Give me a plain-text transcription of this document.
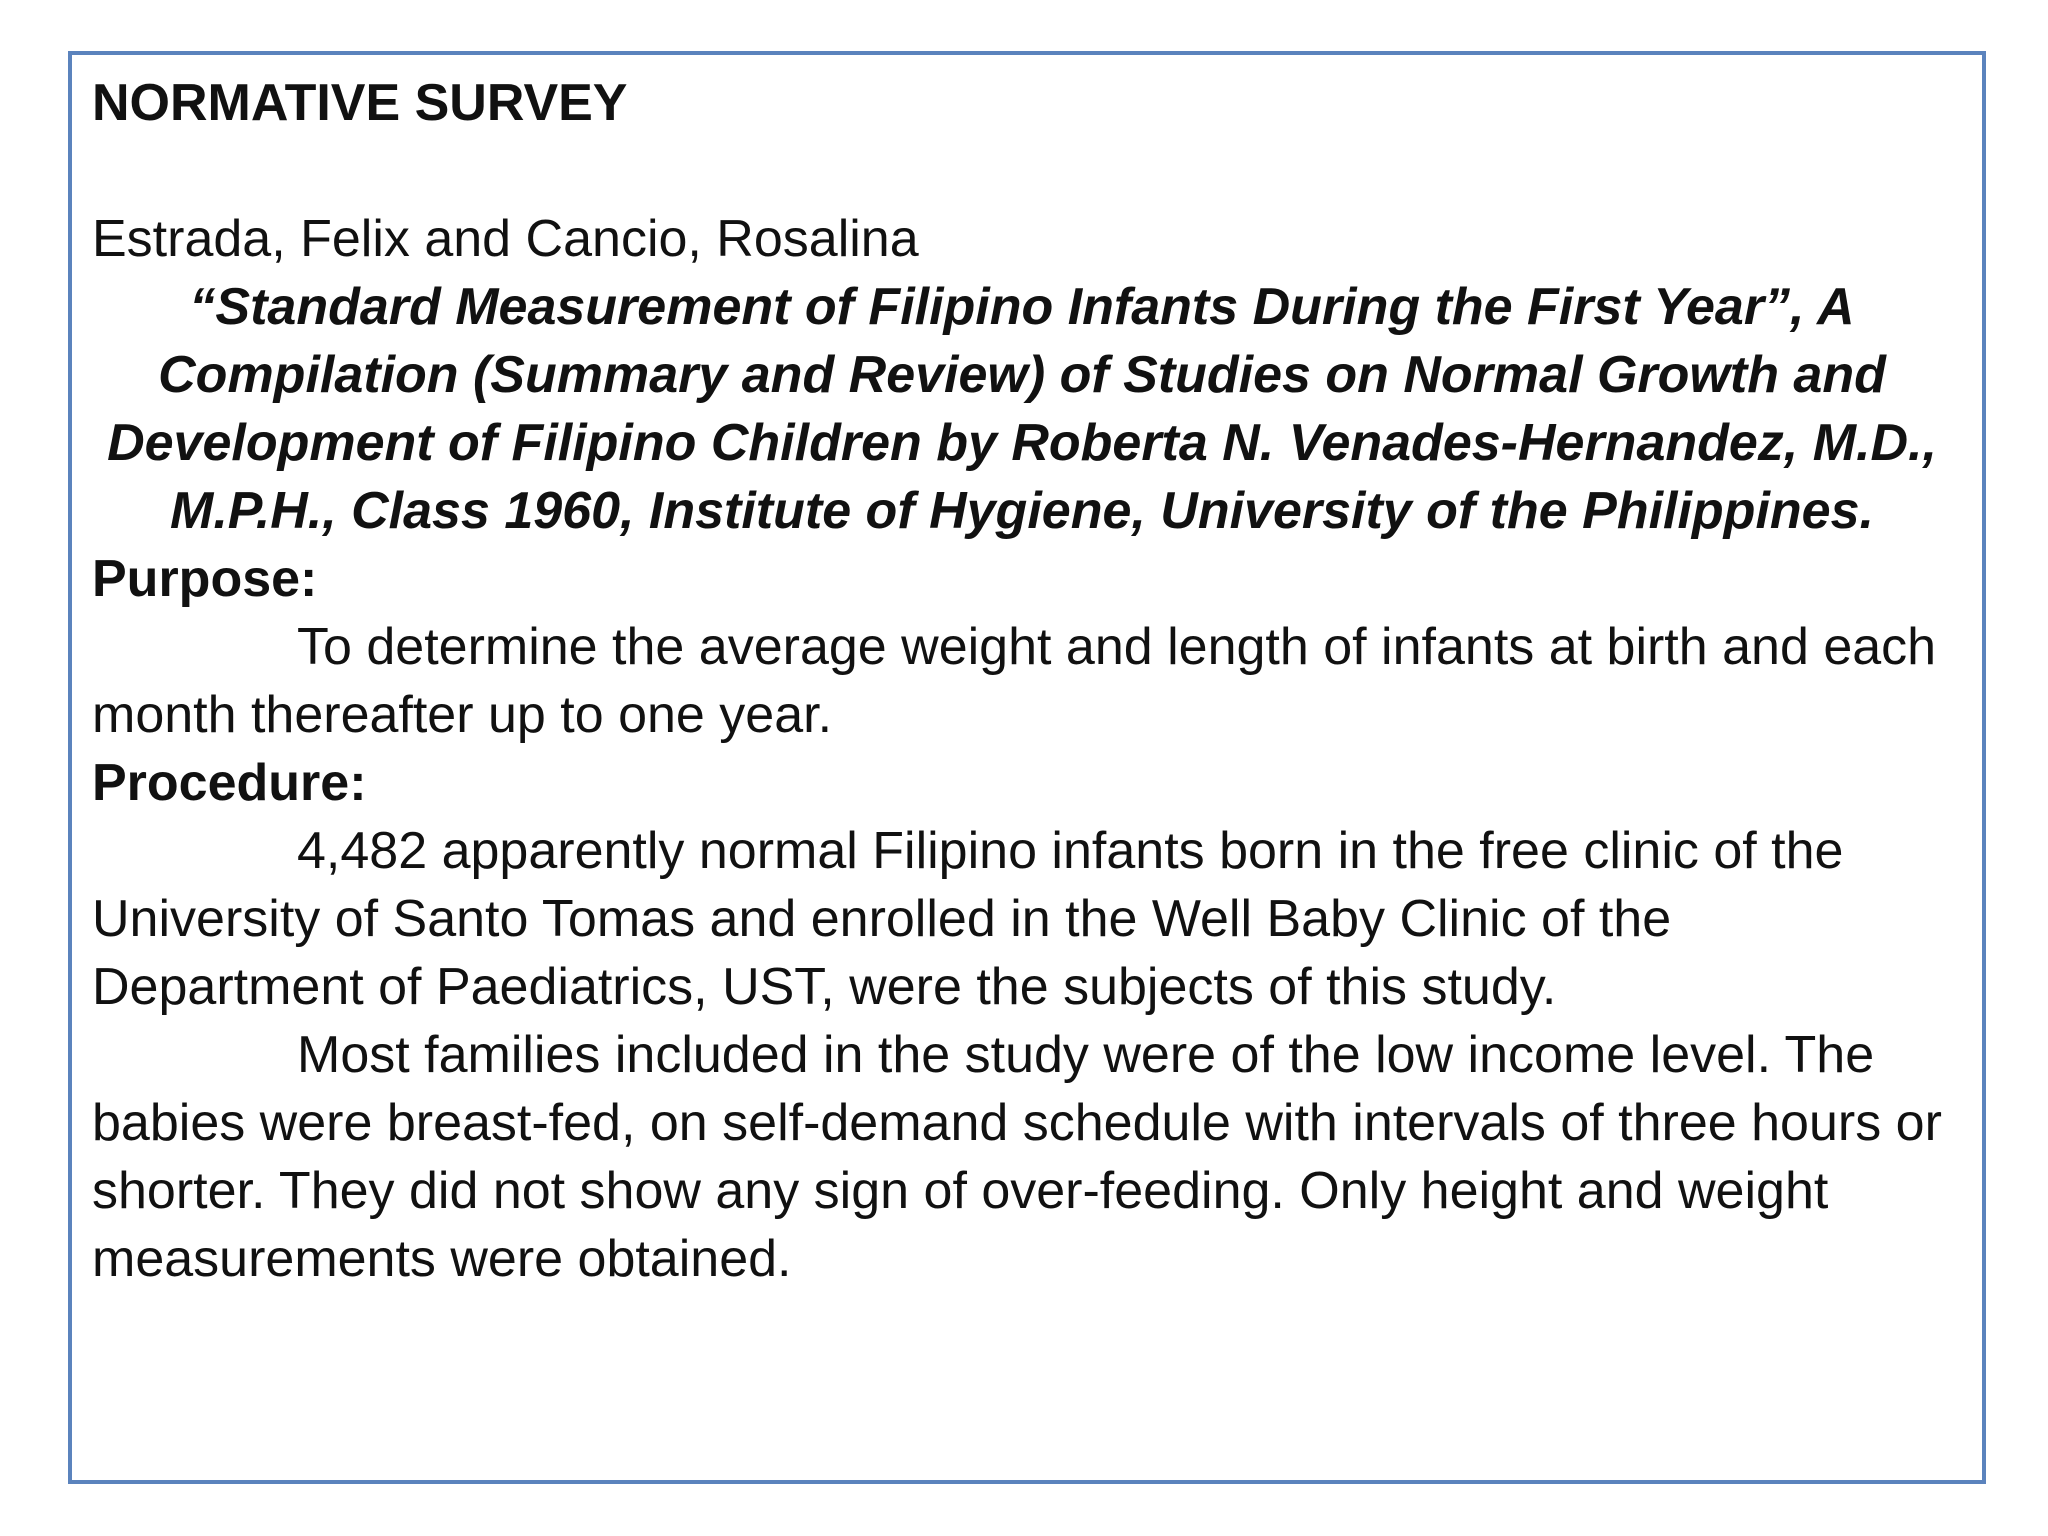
NORMATIVE SURVEY

Estrada, Felix and Cancio, Rosalina

“Standard Measurement of Filipino Infants During the First Year”, A Compilation (Summary and Review) of Studies on Normal Growth and Development of Filipino Children by Roberta N. Venades-Hernandez, M.D., M.P.H., Class 1960, Institute of Hygiene, University of the Philippines.

Purpose:

To determine the average weight and length of infants at birth and each month thereafter up to one year.

Procedure:

4,482 apparently normal Filipino infants born in the free clinic of the University of Santo Tomas and enrolled in the Well Baby Clinic of the Department of Paediatrics, UST, were the subjects of this study.

Most families included in the study were of the low income level. The babies were breast-fed, on self-demand schedule with intervals of three hours or shorter. They did not show any sign of over-feeding. Only height and weight measurements were obtained.
